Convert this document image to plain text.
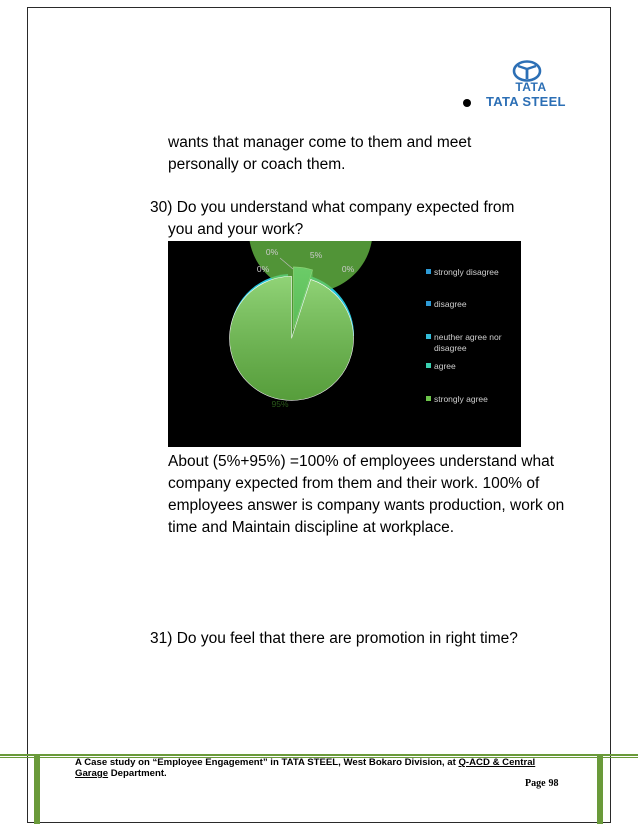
TATA
TATA STEEL
wants that manager come to them and meet personally or coach them.

30) Do you understand what company expected from

you and your work?

0%
0%	0%
5%
95%
strongly disagree
disagree
neuther agree nor disagree
agree
strongly agree
About (5%+95%) =100% of employees understand what company expected from them and their work. 100% of employees answer is company wants production, work on time and Maintain discipline at workplace.
31) Do you feel that there are promotion in right time?
A Case study on “Employee Engagement” in TATA STEEL, West Bokaro Division, at Q-ACD & Central
Garage Department.
Page 98
